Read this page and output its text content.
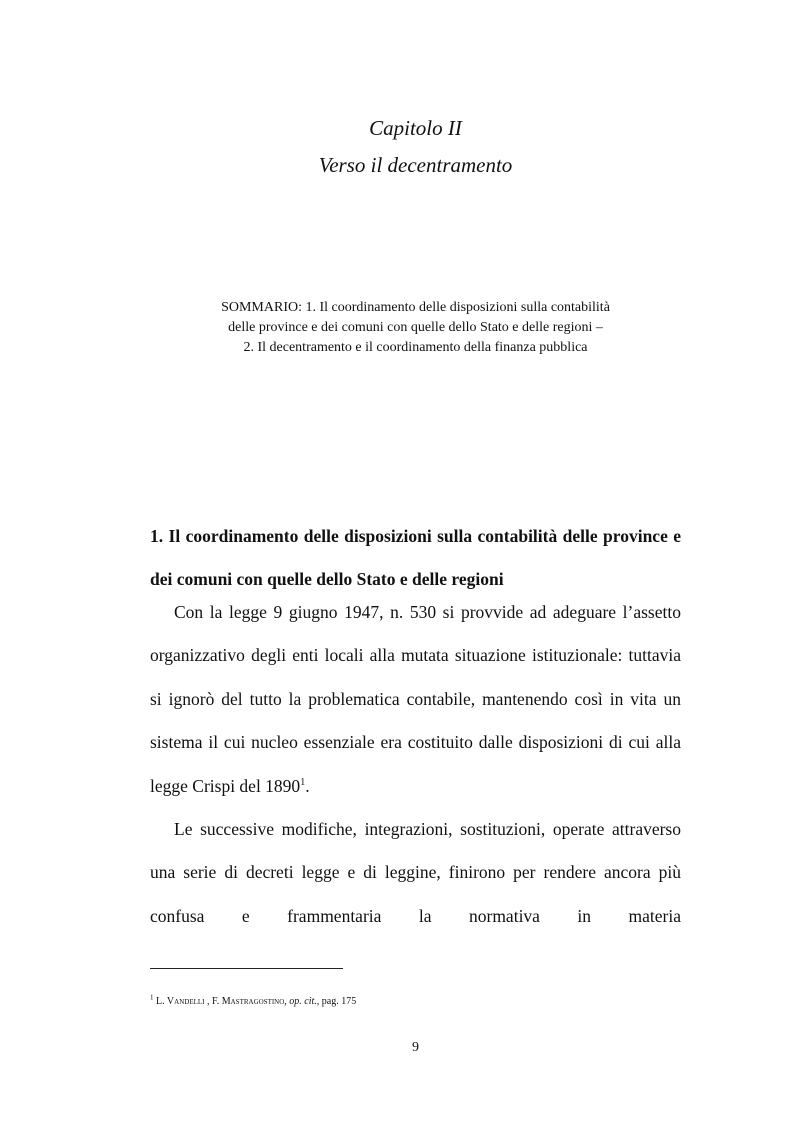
Capitolo II
Verso il decentramento
SOMMARIO: 1. Il coordinamento delle disposizioni sulla contabilità
delle province e dei comuni con quelle dello Stato e delle regioni –
2. Il decentramento e il coordinamento della finanza pubblica
1. Il coordinamento delle disposizioni sulla contabilità delle province e dei comuni con quelle dello Stato e delle regioni

Con la legge 9 giugno 1947, n. 530 si provvide ad adeguare l’assetto organizzativo degli enti locali alla mutata situazione istituzionale: tuttavia si ignorò del tutto la problematica contabile, mantenendo così in vita un sistema il cui nucleo essenziale era costituito dalle disposizioni di cui alla legge Crispi del 1890$^1$.

Le successive modifiche, integrazioni, sostituzioni, operate attraverso una serie di decreti legge e di leggine, finirono per rendere ancora più confusa e frammentaria la normativa in materia

$^1$ L. Vandelli , F. Mastragostino, op. cit., pag. 175
9
